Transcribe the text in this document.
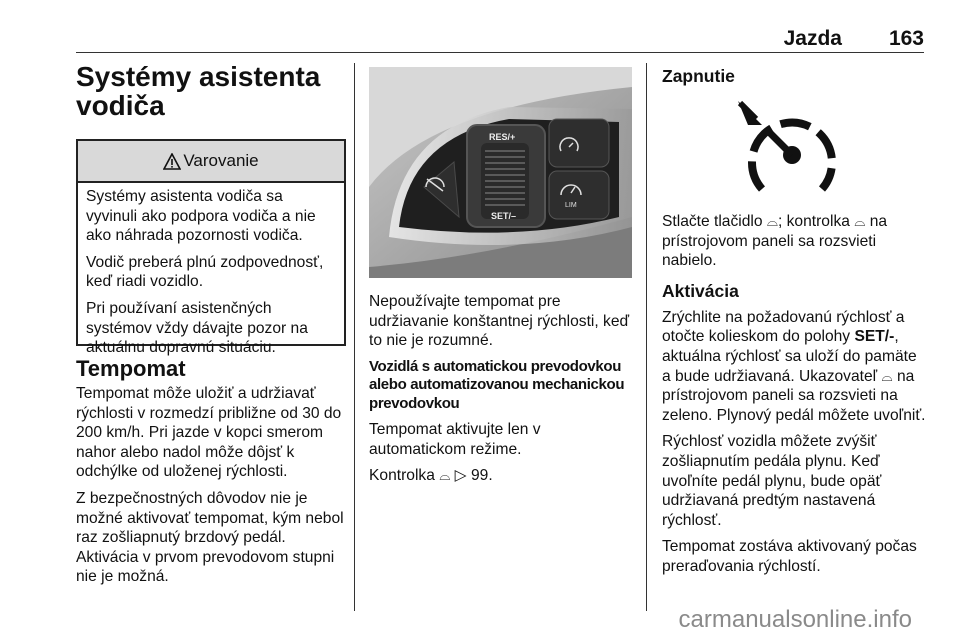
Jazda 163
Systémy asistenta vodiča
Varovanie

Systémy asistenta vodiča sa vyvinuli ako podpora vodiča a nie ako náhrada pozornosti vodiča.

Vodič preberá plnú zodpovednosť, keď riadi vozidlo.

Pri používaní asistenčných systémov vždy dávajte pozor na aktuálnu dopravnú situáciu.

Tempomat

Tempomat môže uložiť a udržiavať rýchlosti v rozmedzí približne od 30 do 200 km/h. Pri jazde v kopci smerom nahor alebo nadol môže dôjsť k odchýlke od uloženej rýchlosti.

Z bezpečnostných dôvodov nie je možné aktivovať tempomat, kým nebol raz zošliapnutý brzdový pedál. Aktivácia v prvom prevodovom stupni nie je možná.

RES/+
SET/–
LIM

Nepoužívajte tempomat pre udržiavanie konštantnej rýchlosti, keď to nie je rozumné.

Vozidlá s automatickou prevodovkou alebo automatizovanou mechanickou prevodovkou

Tempomat aktivujte len v automatickom režime.

Kontrolka ⌓ ▷ 99.

Zapnutie

Stlačte tlačidlo ⌓; kontrolka ⌓ na prístrojovom paneli sa rozsvieti nabielo.

Aktivácia

Zrýchlite na požadovanú rýchlosť a otočte kolieskom do polohy SET/-, aktuálna rýchlosť sa uloží do pamäte a bude udržiavaná. Ukazovateľ ⌓ na prístrojovom paneli sa rozsvieti na zeleno. Plynový pedál môžete uvoľniť.

Rýchlosť vozidla môžete zvýšiť zošliapnutím pedála plynu. Keď uvoľníte pedál plynu, bude opäť udržiavaná predtým nastavená rýchlosť.

Tempomat zostáva aktivovaný počas preraďovania rýchlostí.

carmanualsonline.info
